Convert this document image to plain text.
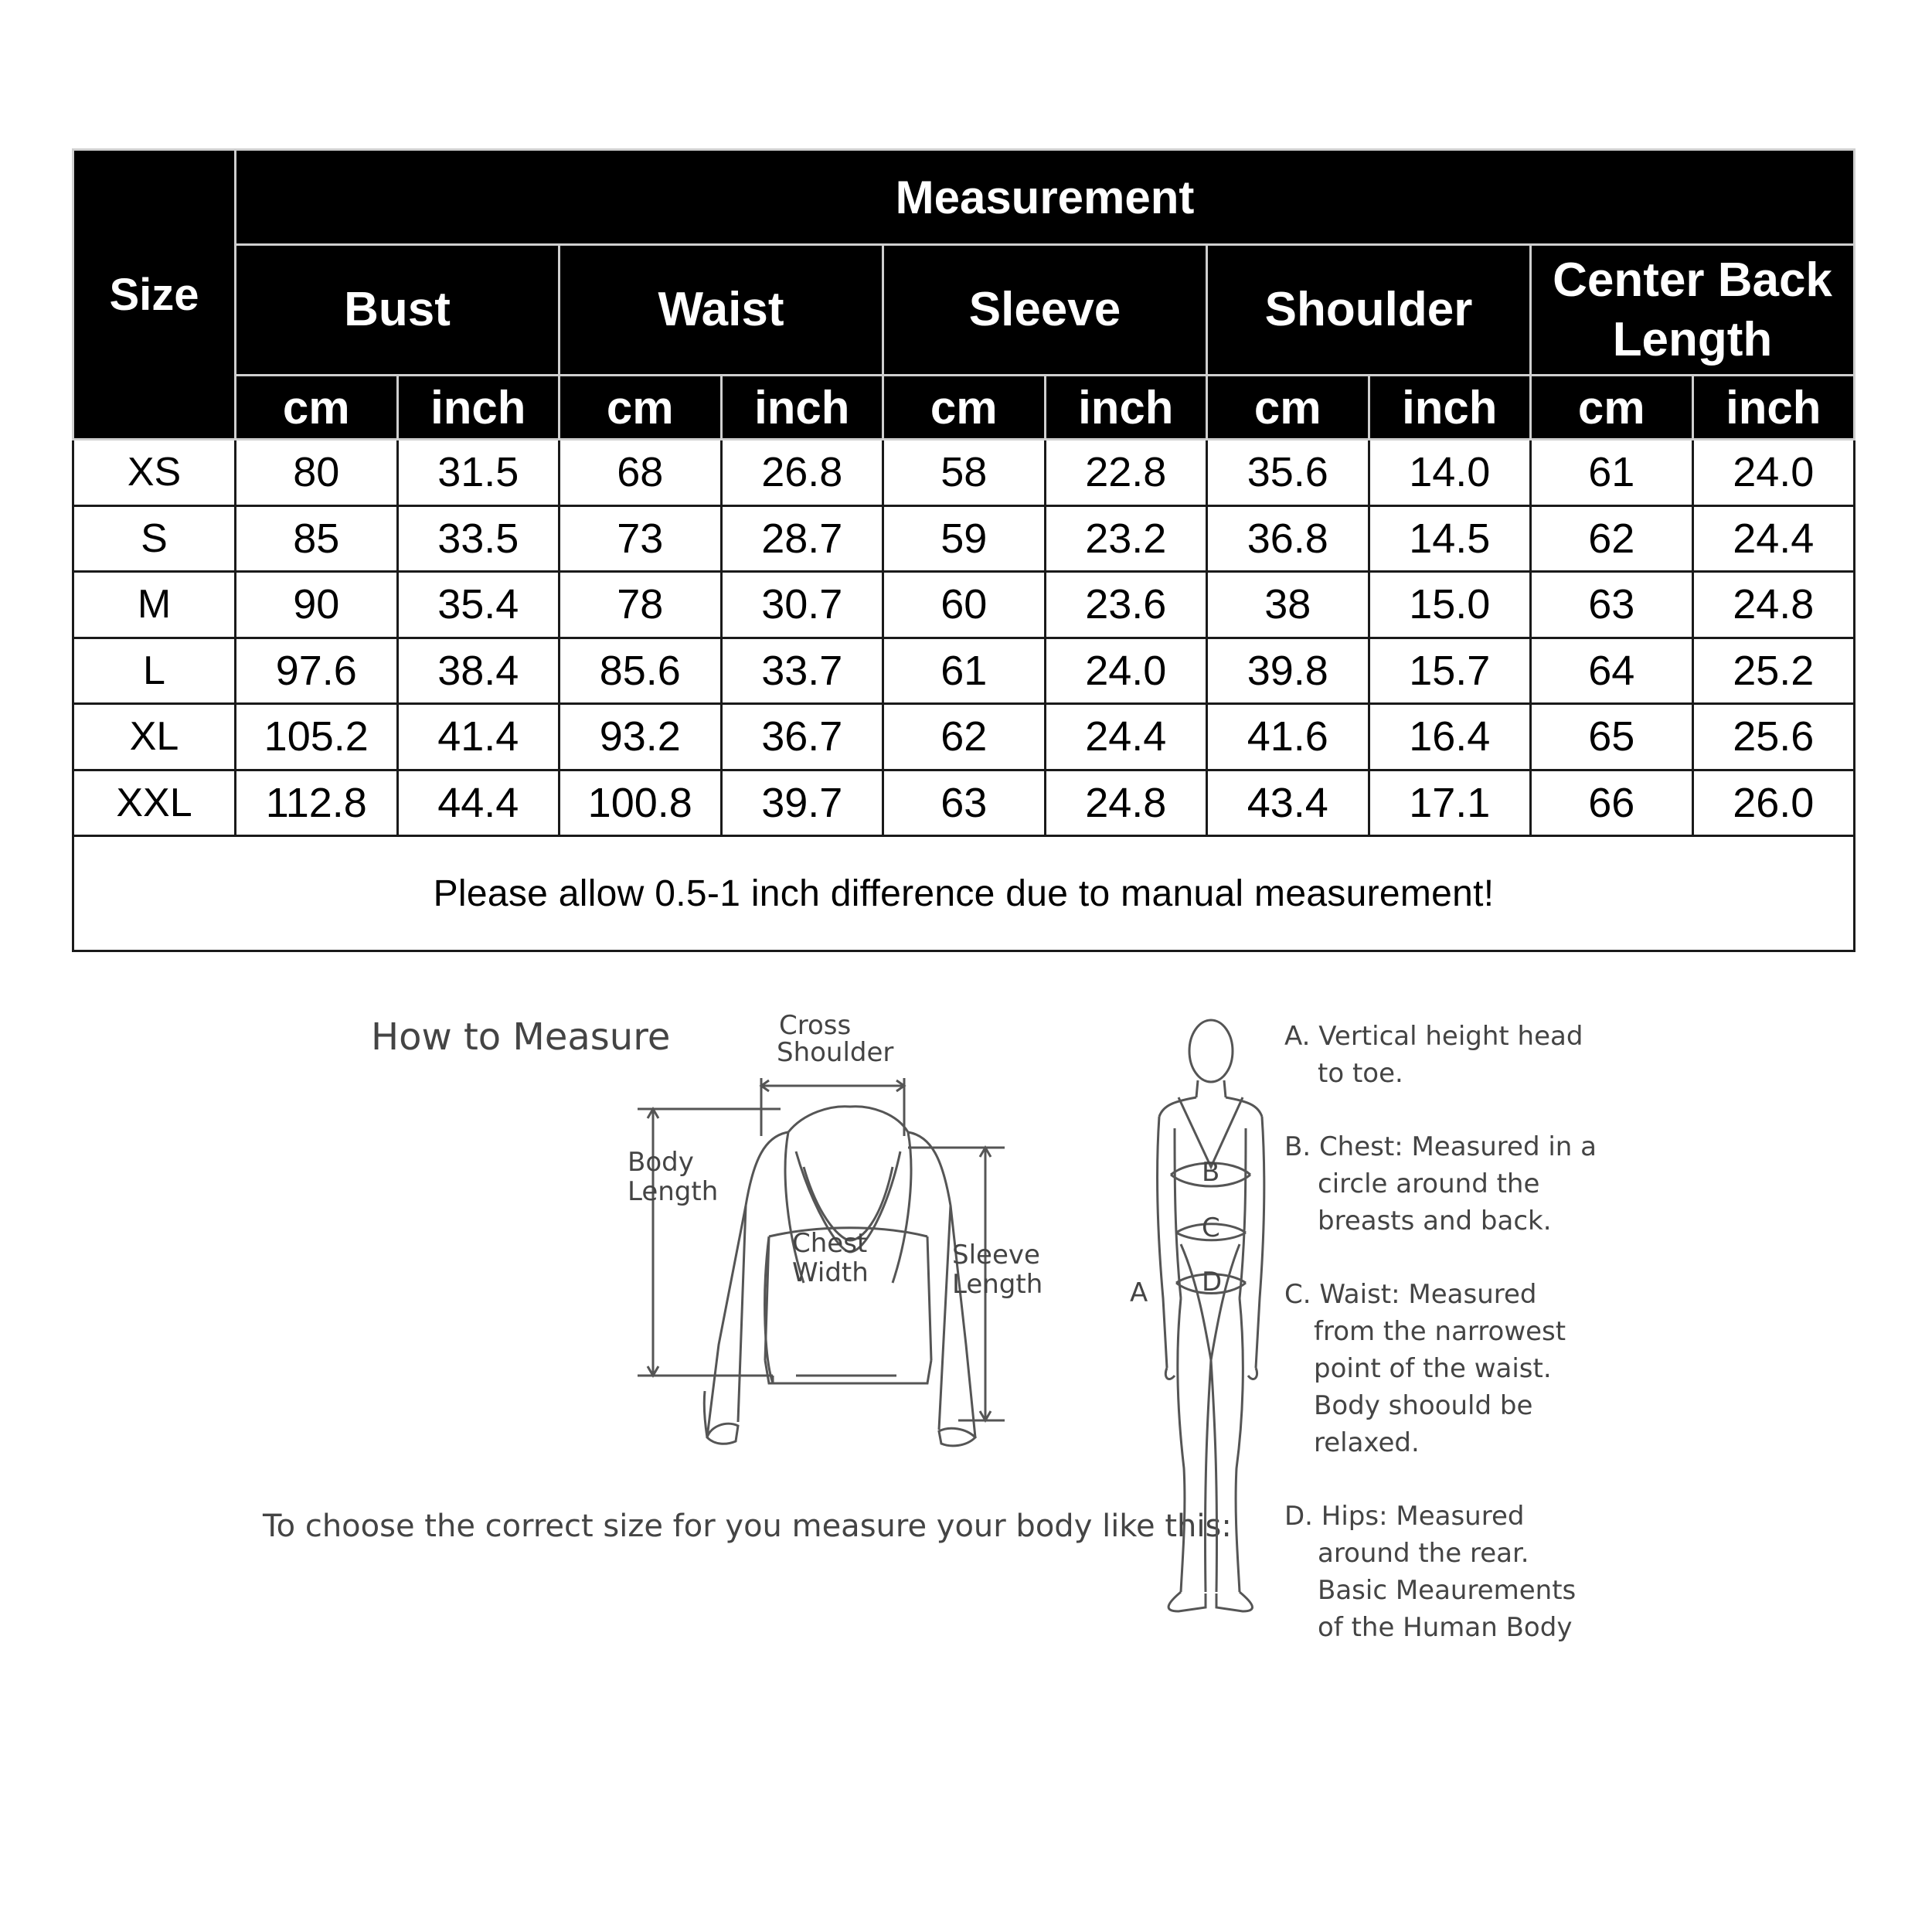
Size	Measurement									
	Bust		Waist		Sleeve		Shoulder		Center Back Length	
	cm	inch	cm	inch	cm	inch	cm	inch	cm	inch
XS	80	31.5	68	26.8	58	22.8	35.6	14.0	61	24.0
S	85	33.5	73	28.7	59	23.2	36.8	14.5	62	24.4
M	90	35.4	78	30.7	60	23.6	38	15.0	63	24.8
L	97.6	38.4	85.6	33.7	61	24.0	39.8	15.7	64	25.2
XL	105.2	41.4	93.2	36.7	62	24.4	41.6	16.4	65	25.6
XXL	112.8	44.4	100.8	39.7	63	24.8	43.4	17.1	66	26.0
Please allow 0.5-1 inch difference due to manual measurement!										
How to Measure
To choose the correct size for you measure your body like this:
Cross
Shoulder
Body
Length
Chest
Width
Sleeve
Length	A
B
C
D
A. Vertical height head
to toe.
B. Chest: Measured in a
circle around the
breasts and back.
C. Waist: Measured
from the narrowest
point of the waist.
Body shoould be
relaxed.
D. Hips: Measured
around the rear.
Basic Meaurements
of the Human Body
